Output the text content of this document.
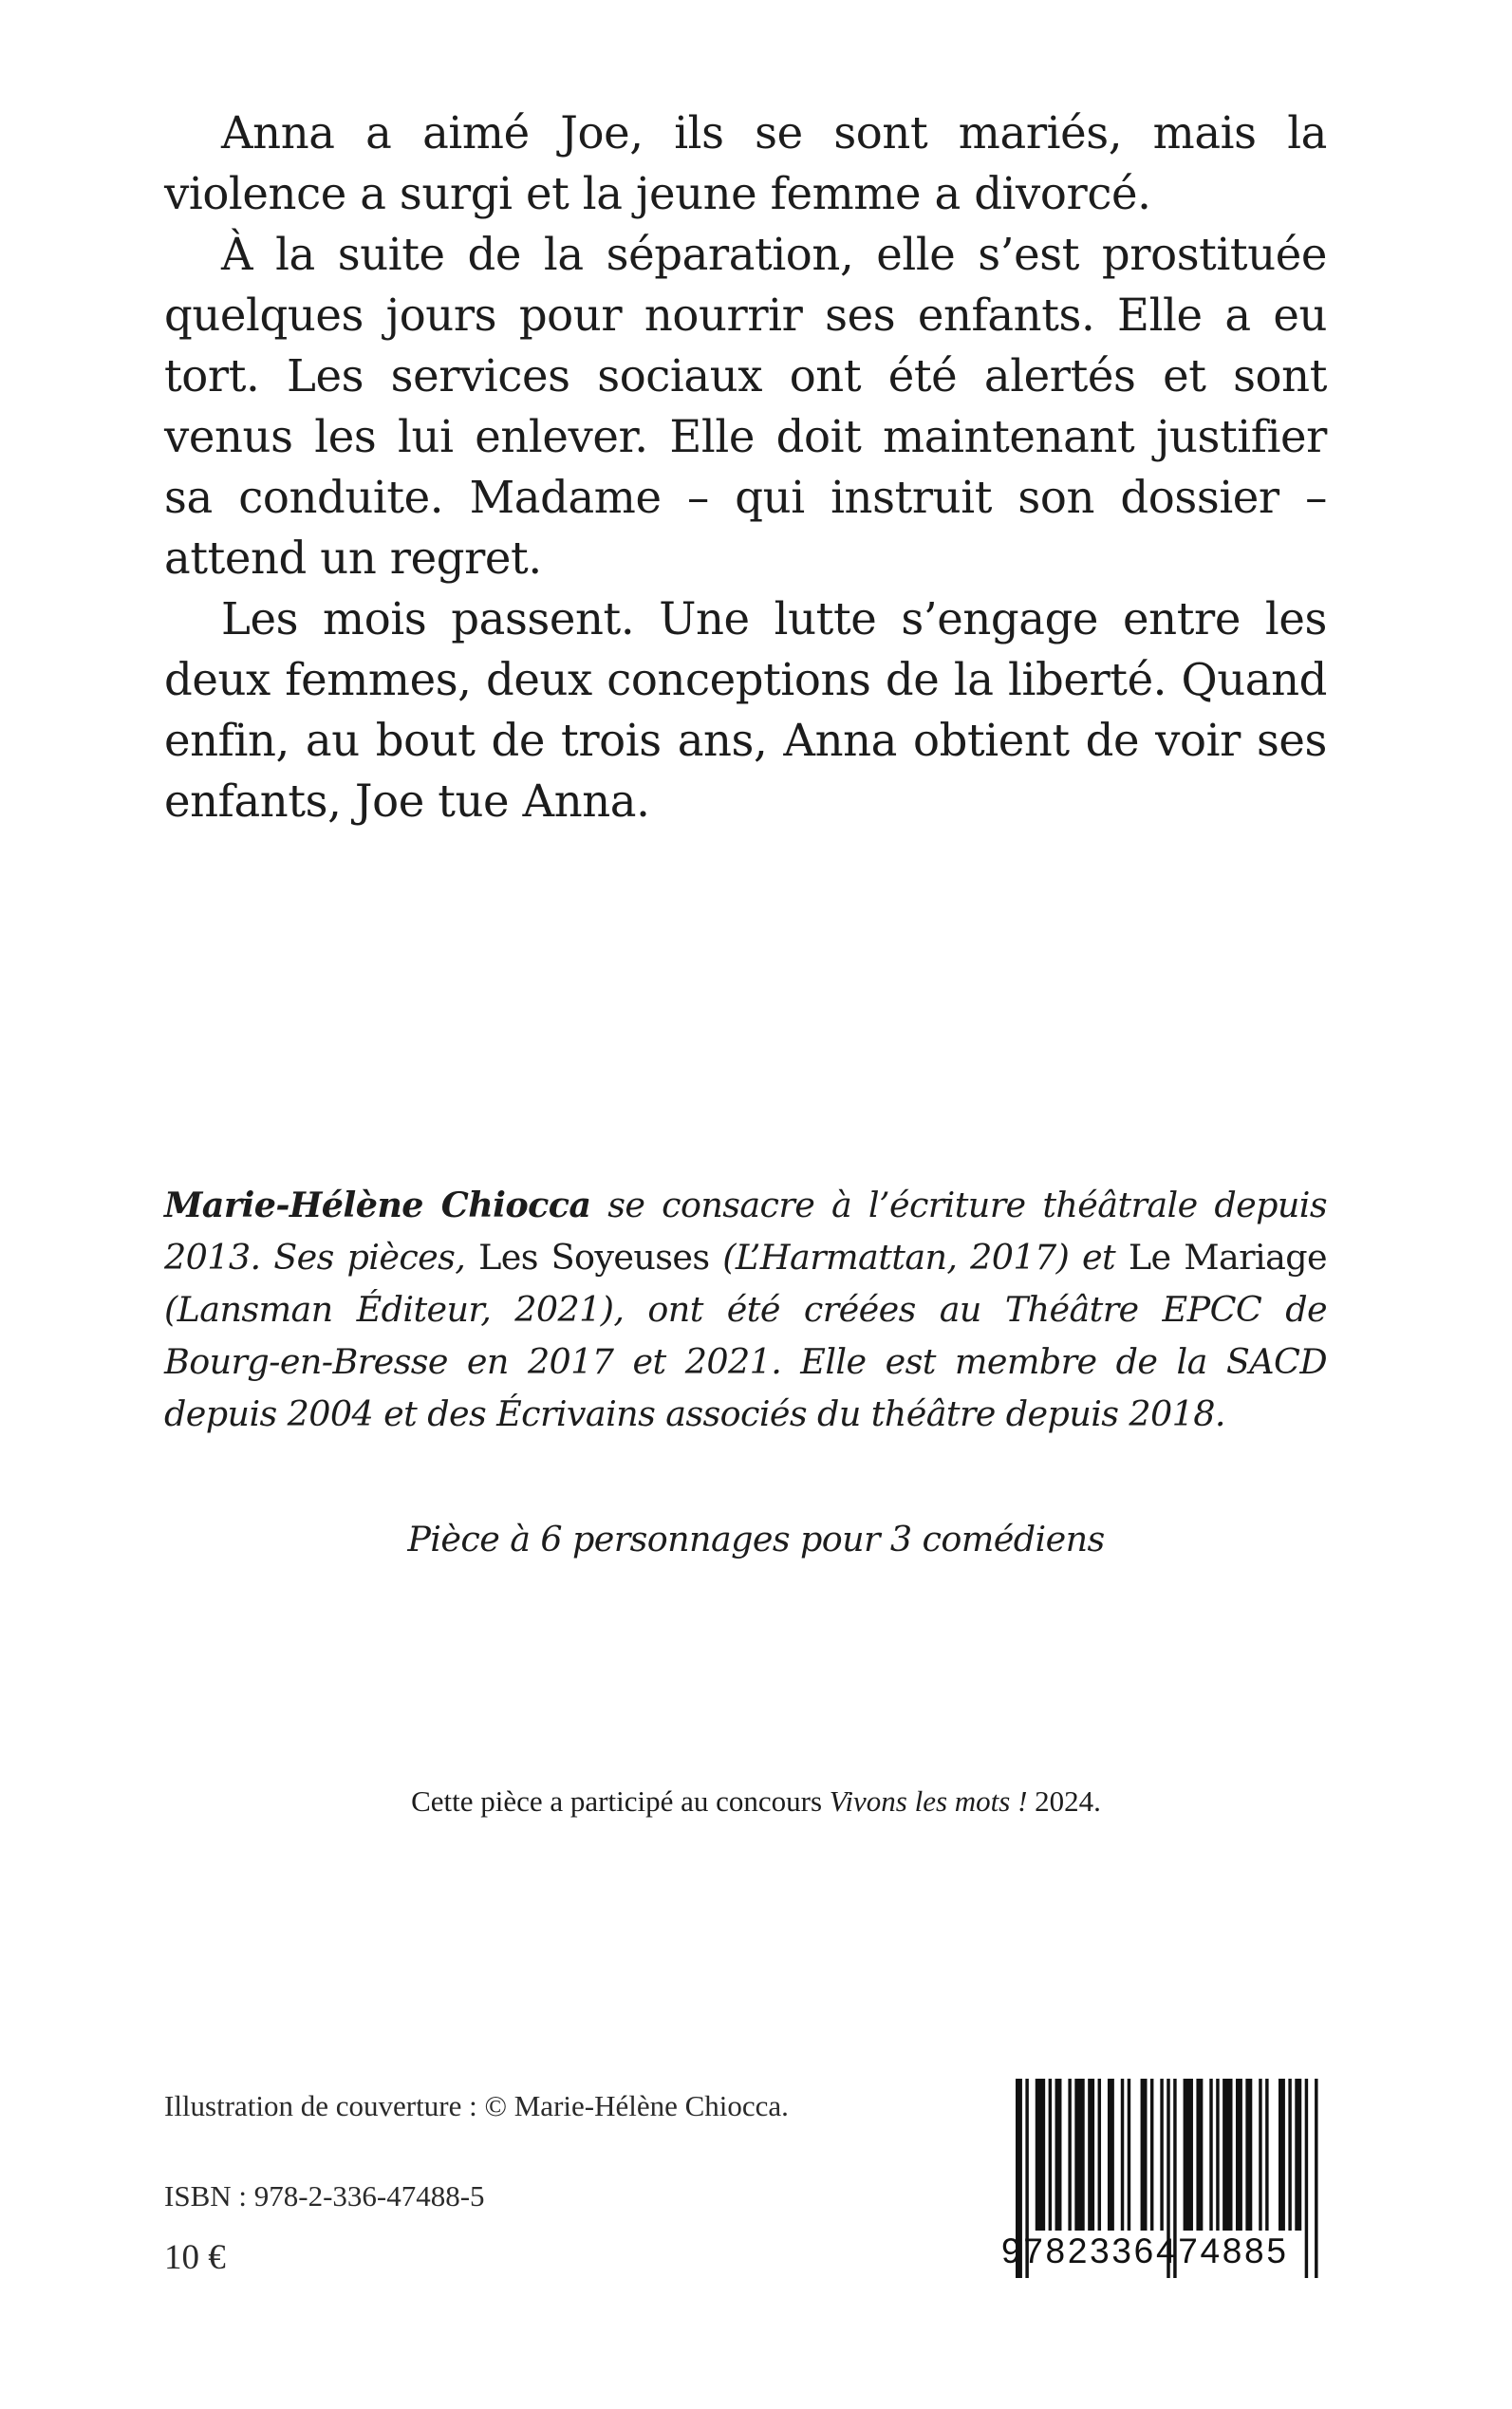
Anna a aimé Joe, ils se sont mariés, mais la violence a surgi et la jeune femme a divorcé.

À la suite de la séparation, elle s’est prostituée quelques jours pour nourrir ses enfants. Elle a eu tort. Les services sociaux ont été alertés et sont venus les lui enlever. Elle doit maintenant justifier sa conduite. Madame – qui instruit son dossier – attend un regret.

Les mois passent. Une lutte s’engage entre les deux femmes, deux conceptions de la liberté. Quand enfin, au bout de trois ans, Anna obtient de voir ses enfants, Joe tue Anna.

Marie-Hélène Chiocca se consacre à l’écriture théâtrale depuis 2013. Ses pièces, Les Soyeuses (L’Harmattan, 2017) et Le Mariage (Lansman Éditeur, 2021), ont été créées au Théâtre EPCC de Bourg-en-Bresse en 2017 et 2021. Elle est membre de la SACD depuis 2004 et des Écrivains associés du théâtre depuis 2018.
Pièce à 6 personnages pour 3 comédiens
Cette pièce a participé au concours Vivons les mots ! 2024.
Illustration de couverture : © Marie-Hélène Chiocca.
ISBN : 978-2-336-47488-5
10 €	9782336474885
